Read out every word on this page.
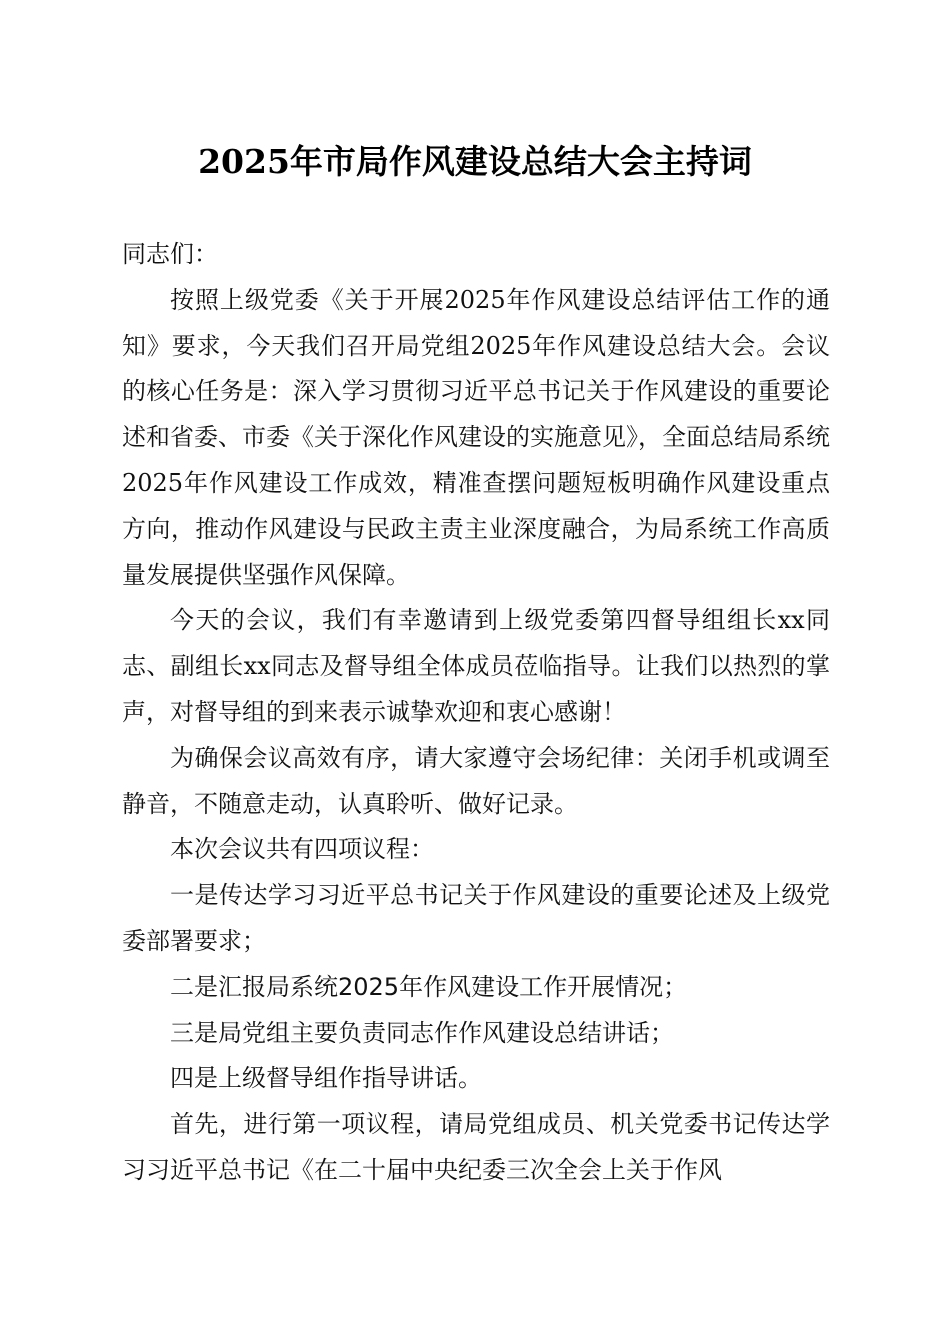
2025年市局作风建设总结大会主持词

同志们：

按照上级党委《关于开展2025年作风建设总结评估工作的通知》要求，今天我们召开局党组2025年作风建设总结大会。会议的核心任务是：深入学习贯彻习近平总书记关于作风建设的重要论述和省委、市委《关于深化作风建设的实施意见》，全面总结局系统2025年作风建设工作成效，精准查摆问题短板明确作风建设重点方向，推动作风建设与民政主责主业深度融合，为局系统工作高质量发展提供坚强作风保障。

今天的会议，我们有幸邀请到上级党委第四督导组组长xx同志、副组长xx同志及督导组全体成员莅临指导。让我们以热烈的掌声，对督导组的到来表示诚挚欢迎和衷心感谢！

为确保会议高效有序，请大家遵守会场纪律：关闭手机或调至静音，不随意走动，认真聆听、做好记录。

本次会议共有四项议程：

一是传达学习习近平总书记关于作风建设的重要论述及上级党委部署要求；

二是汇报局系统2025年作风建设工作开展情况；

三是局党组主要负责同志作作风建设总结讲话；

四是上级督导组作指导讲话。

首先，进行第一项议程，请局党组成员、机关党委书记传达学习习近平总书记《在二十届中央纪委三次全会上关于作风
